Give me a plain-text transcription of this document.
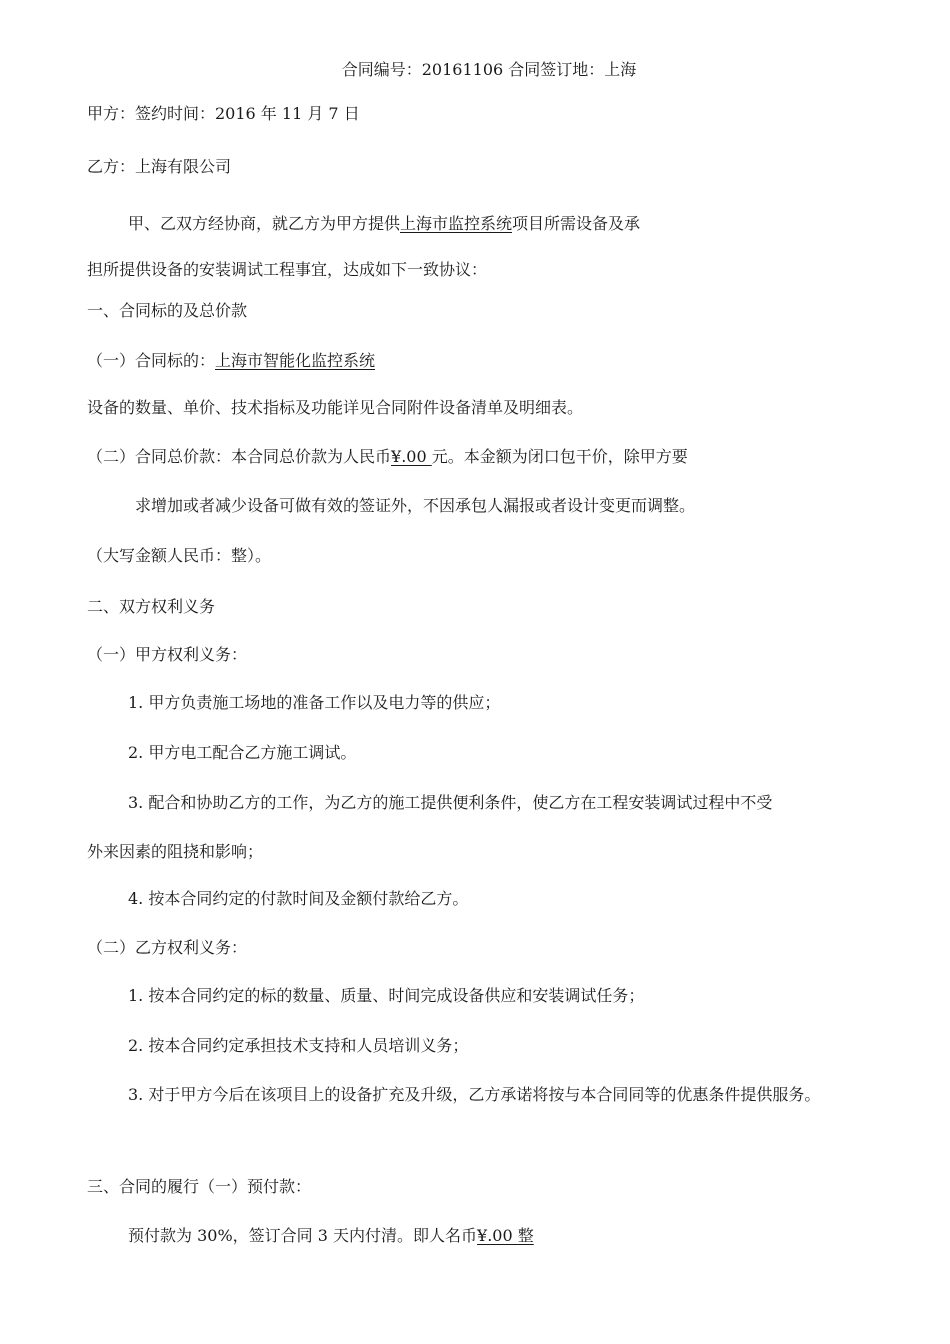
合同编号：20161106 合同签订地：上海
甲方：签约时间：2016 年 11 月 7 日
乙方：上海有限公司
甲、乙双方经协商，就乙方为甲方提供上海市监控系统项目所需设备及承
担所提供设备的安装调试工程事宜，达成如下一致协议：
一、合同标的及总价款
（一）合同标的：上海市智能化监控系统
设备的数量、单价、技术指标及功能详见合同附件设备清单及明细表。
（二）合同总价款：本合同总价款为人民币¥.00 元。本金额为闭口包干价，除甲方要
求增加或者减少设备可做有效的签证外，不因承包人漏报或者设计变更而调整。
（大写金额人民币：整）。
二、双方权利义务
（一）甲方权利义务：
1. 甲方负责施工场地的准备工作以及电力等的供应；
2. 甲方电工配合乙方施工调试。
3. 配合和协助乙方的工作，为乙方的施工提供便利条件，使乙方在工程安装调试过程中不受
外来因素的阻挠和影响；
4. 按本合同约定的付款时间及金额付款给乙方。
（二）乙方权利义务：
1. 按本合同约定的标的数量、质量、时间完成设备供应和安装调试任务；
2. 按本合同约定承担技术支持和人员培训义务；
3. 对于甲方今后在该项目上的设备扩充及升级，乙方承诺将按与本合同同等的优惠条件提供服务。
三、合同的履行（一）预付款：
预付款为 30%，签订合同 3 天内付清。即人名币¥.00 整
